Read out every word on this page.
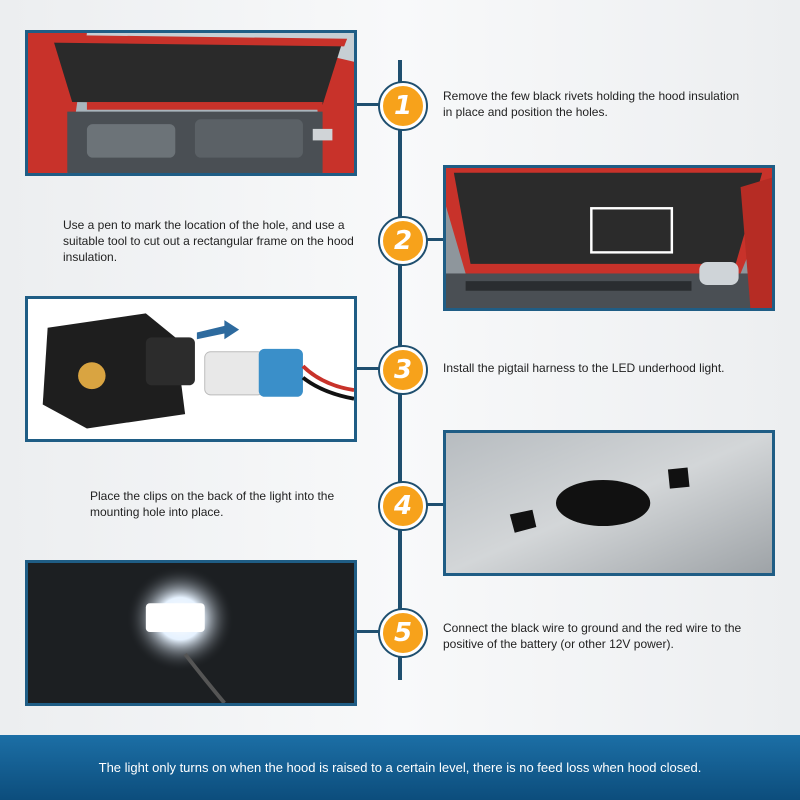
1
2
3
4
5
Remove the few black rivets holding the hood insulation in place and position the holes.
Use a pen to mark the location of the hole, and use a suitable tool to cut out a rectangular frame on the hood insulation.
Install the pigtail harness to the LED underhood light.
Place the clips on the back of the light into the mounting hole into place.
Connect the black wire to ground and the red wire to the positive of the battery (or other 12V power).
The light only turns on when the hood is raised to a certain level, there is no feed loss when hood closed.
